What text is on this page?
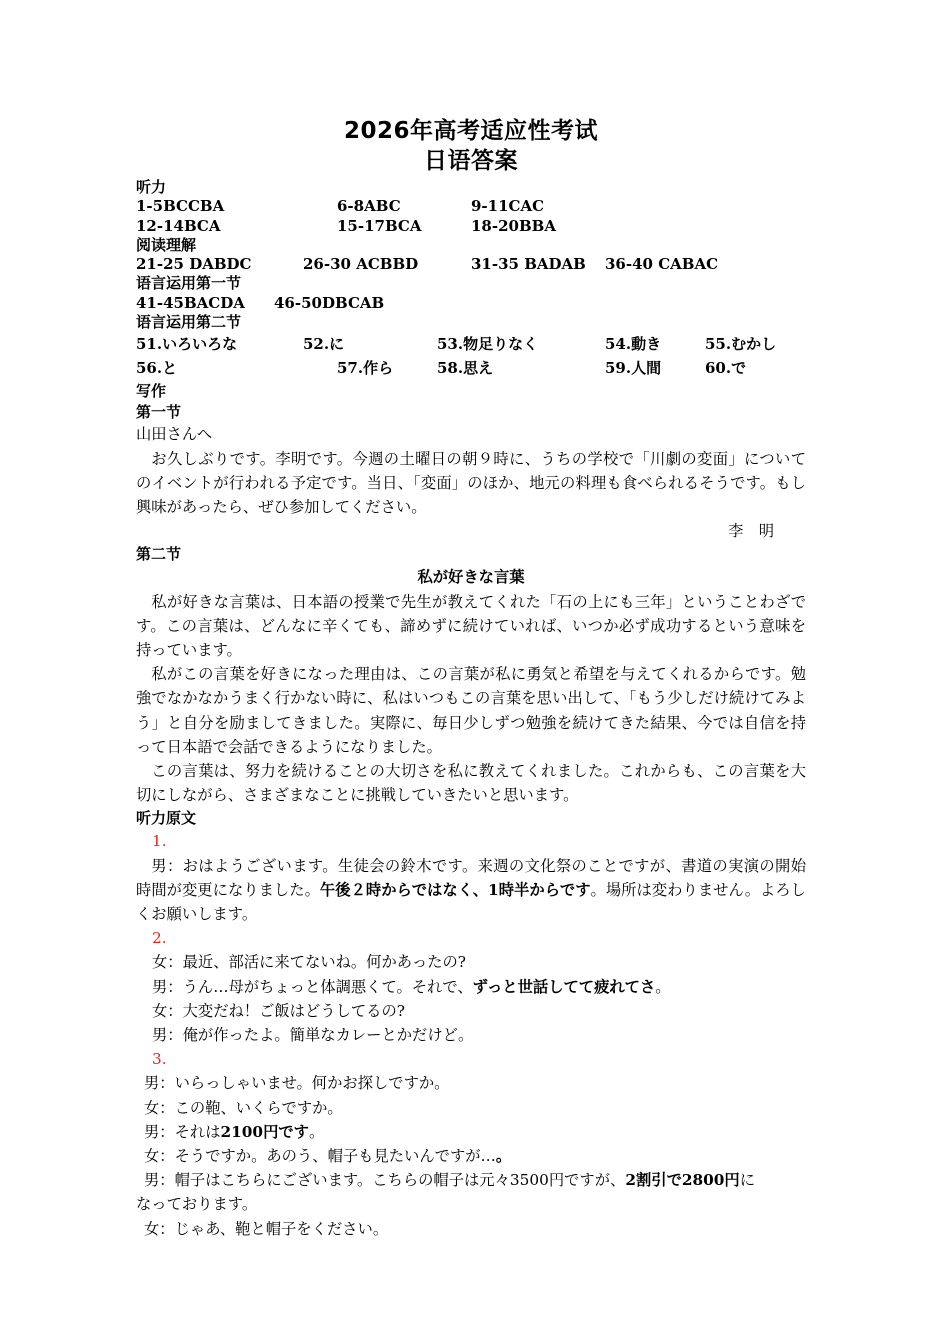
2026年高考适应性考试
日语答案
听力
1-5BCCBA	6-8ABC	9-11CAC
12-14BCA	15-17BCA	18-20BBA
阅读理解
21-25 DABDC	26-30 ACBBD	31-35 BADAB 36-40 CABAC
语言运用第一节
41-45BACDA 46-50DBCAB
语言运用第二节
51.いろいろな	52.に	53.物足りなく	54.動き	55.むかし
56.と	57.作ら	58.思え	59.人間	60.で
写作
第一节
山田さんへ
お久しぶりです。李明です。今週の土曜日の朝９時に、うちの学校で「川劇の変面」についてのイベントが行われる予定です。当日、「変面」のほか、地元の料理も食べられるそうです。もし興味があったら、ぜひ参加してください。
李　明
第二节
私が好きな言葉
私が好きな言葉は、日本語の授業で先生が教えてくれた「石の上にも三年」ということわざです。この言葉は、どんなに辛くても、諦めずに続けていれば、いつか必ず成功するという意味を持っています。
私がこの言葉を好きになった理由は、この言葉が私に勇気と希望を与えてくれるからです。勉強でなかなかうまく行かない時に、私はいつもこの言葉を思い出して、「もう少しだけ続けてみよう」と自分を励ましてきました。実際に、毎日少しずつ勉強を続けてきた結果、今では自信を持って日本語で会話できるようになりました。
この言葉は、努力を続けることの大切さを私に教えてくれました。これからも、この言葉を大切にしながら、さまざまなことに挑戦していきたいと思います。
听力原文
1.
男：おはようございます。生徒会の鈴木です。来週の文化祭のことですが、書道の実演の開始時間が変更になりました。午後２時からではなく、1時半からです。場所は変わりません。よろしくお願いします。
2.
女：最近、部活に来てないね。何かあったの?
男：うん…母がちょっと体調悪くて。それで、ずっと世話してて疲れてさ。
女：大変だね！ご飯はどうしてるの?
男：俺が作ったよ。簡単なカレーとかだけど。
3.
男：いらっしゃいませ。何かお探しですか。
女：この鞄、いくらですか。
男：それは2100円です。
女：そうですか。あのう、帽子も見たいんですが…。
男：帽子はこちらにございます。こちらの帽子は元々3500円ですが、2割引で2800円に
なっております。
女：じゃあ、鞄と帽子をください。
